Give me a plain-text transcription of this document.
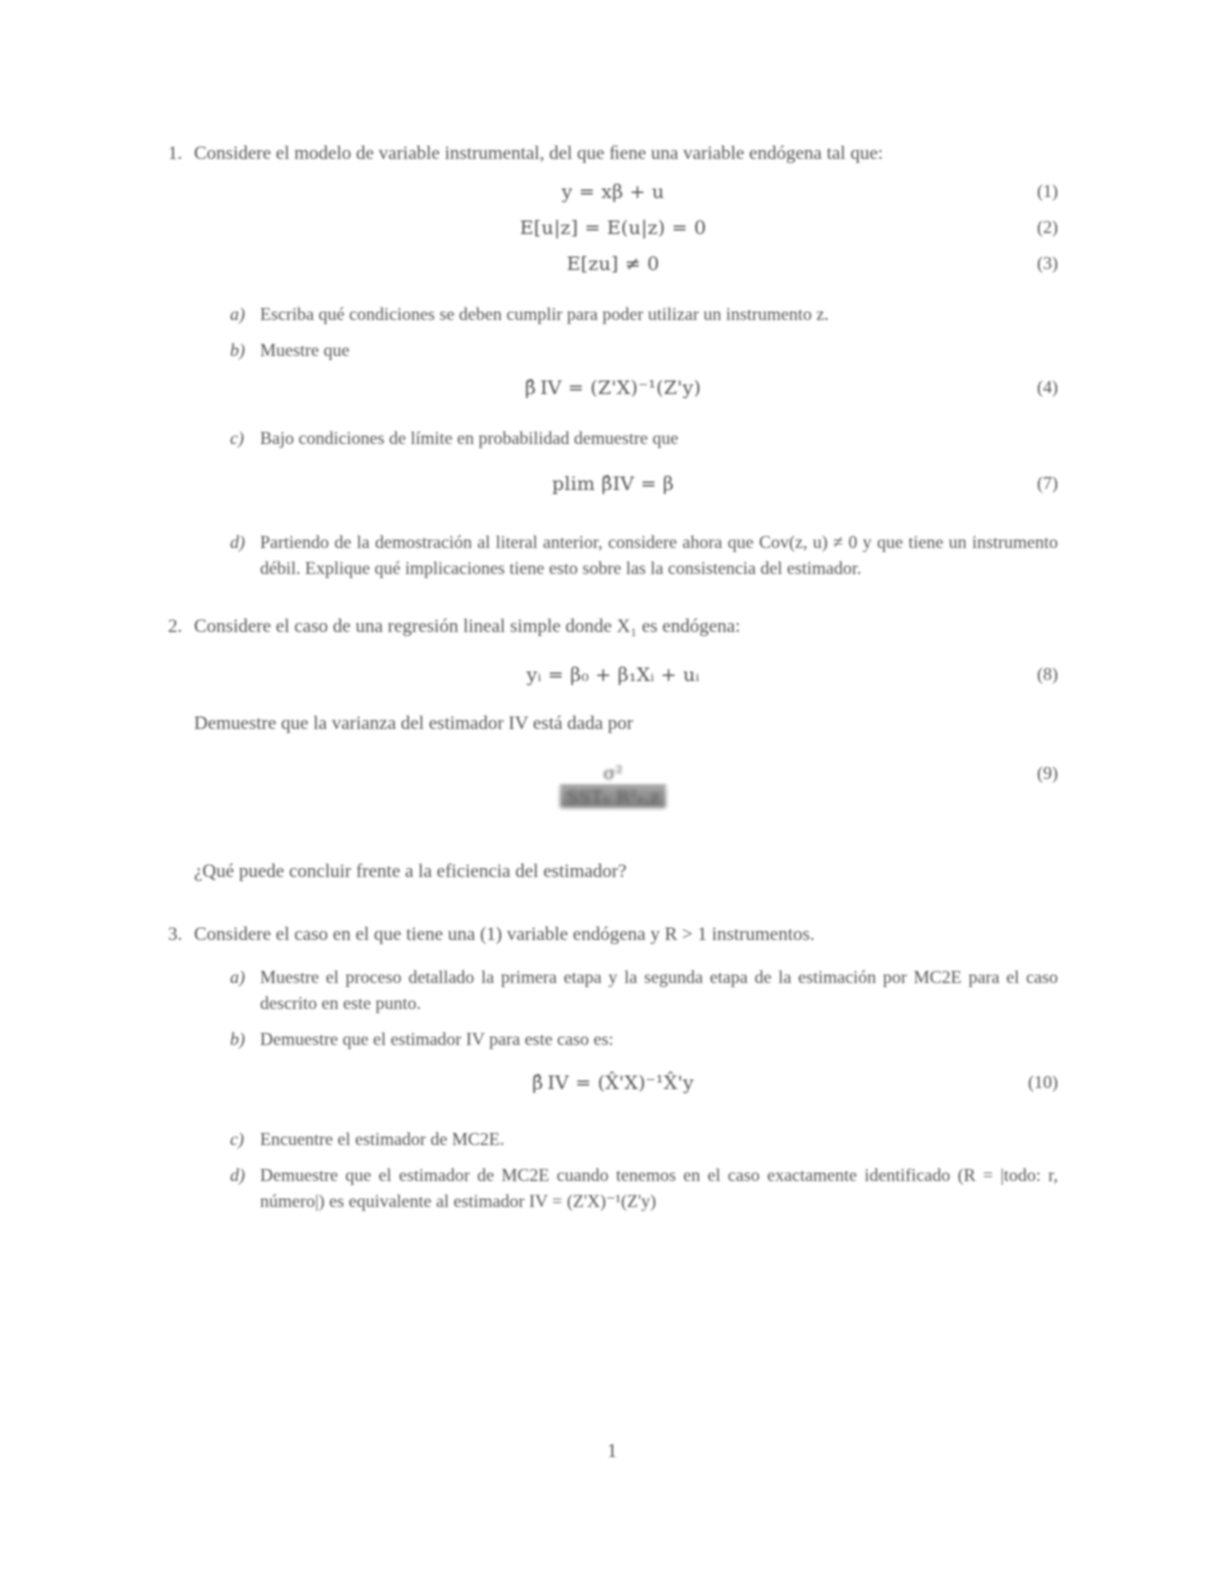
1. Considere el modelo de variable instrumental, del que ﬁene una variable endógena tal que:
y = xβ + u	(1)
E[u|z] = E(u|z) = 0	(2)
E[zu] ≠ 0	(3)
a) Escriba qué condiciones se deben cumplir para poder utilizar un instrumento z.
b) Muestre que
β̂ IV = (Z'X)⁻¹(Z'y)	(4)
c) Bajo condiciones de límite en probabilidad demuestre que
plim β̂IV = β	(7)
d) Partiendo de la demostración al literal anterior, considere ahora que Cov(z, u) ≠ 0 y que tiene un instrumento débil. Explique qué implicaciones tiene esto sobre las la consistencia del estimador.
2. Considere el caso de una regresión lineal simple donde X₁ es endógena:
yᵢ = β₀ + β₁Xᵢ + uᵢ	(8)
Demuestre que la varianza del estimador IV está dada por
$\frac{\text{σ²}}{\text{SSTₓ R²ₓ,z}}$	(9)
¿Qué puede concluir frente a la eficiencia del estimador?
3. Considere el caso en el que tiene una (1) variable endógena y R > 1 instrumentos.
a) Muestre el proceso detallado la primera etapa y la segunda etapa de la estimación por MC2E para el caso descrito en este punto.
b) Demuestre que el estimador IV para este caso es:
β̂ IV = (X̂'X)⁻¹X̂'y	(10)
c) Encuentre el estimador de MC2E.
d) Demuestre que el estimador de MC2E cuando tenemos en el caso exactamente identificado (R = |todo: r, número|) es equivalente al estimador IV = (Z'X)⁻¹(Z'y)
1
